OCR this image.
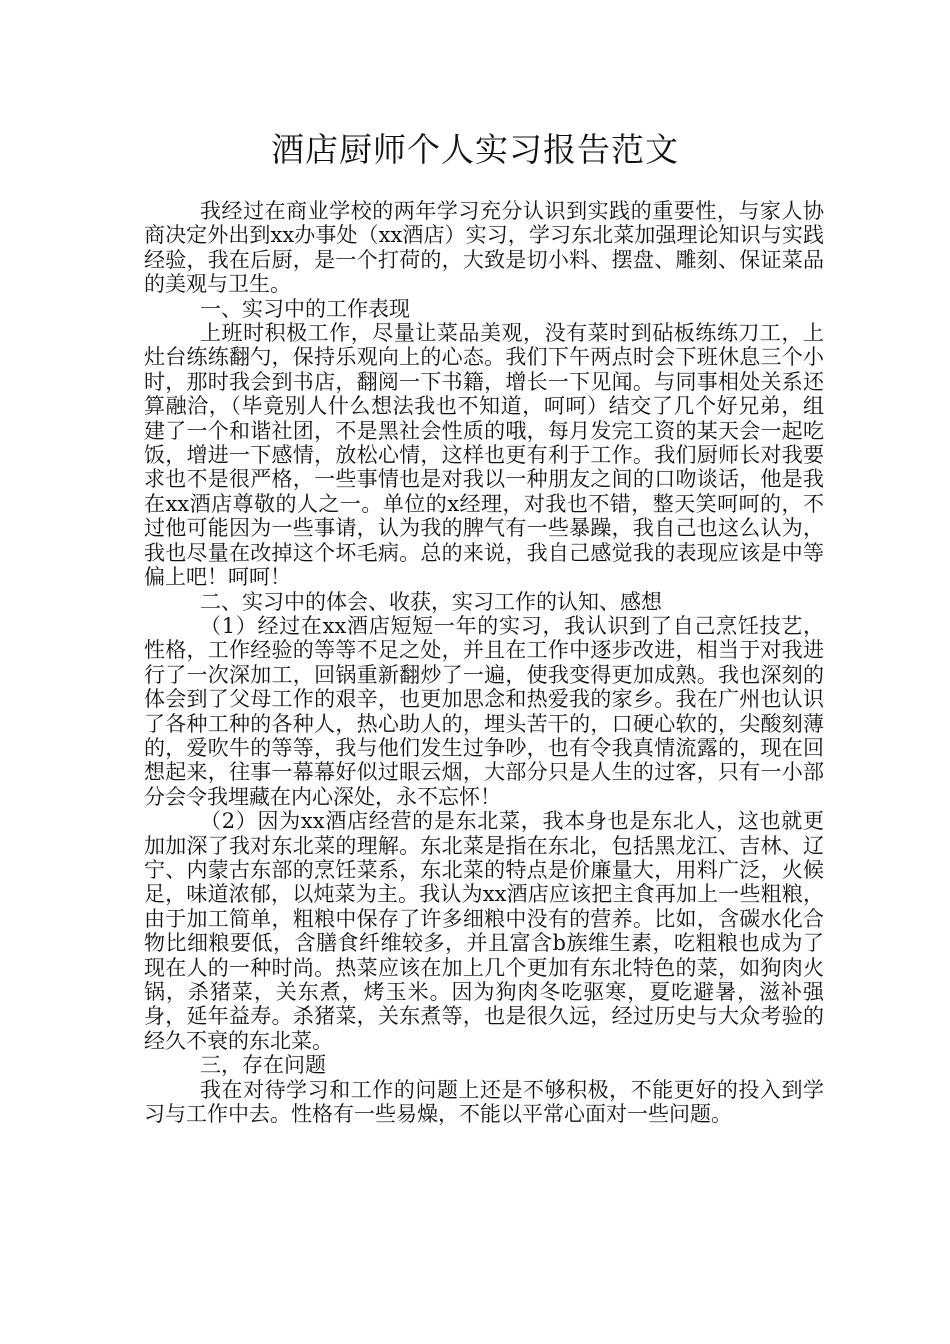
酒店厨师个人实习报告范文

我经过在商业学校的两年学习充分认识到实践的重要性，与家人协商决定外出到xx办事处（xx酒店）实习，学习东北菜加强理论知识与实践经验，我在后厨，是一个打荷的，大致是切小料、摆盘、雕刻、保证菜品的美观与卫生。

一、实习中的工作表现

上班时积极工作，尽量让菜品美观，没有菜时到砧板练练刀工，上灶台练练翻勺，保持乐观向上的心态。我们下午两点时会下班休息三个小时，那时我会到书店，翻阅一下书籍，增长一下见闻。与同事相处关系还算融洽，（毕竟别人什么想法我也不知道，呵呵）结交了几个好兄弟，组建了一个和谐社团，不是黑社会性质的哦，每月发完工资的某天会一起吃饭，增进一下感情，放松心情，这样也更有利于工作。我们厨师长对我要求也不是很严格，一些事情也是对我以一种朋友之间的口吻谈话，他是我在xx酒店尊敬的人之一。单位的x经理，对我也不错，整天笑呵呵的，不过他可能因为一些事请，认为我的脾气有一些暴躁，我自己也这么认为，我也尽量在改掉这个坏毛病。总的来说，我自己感觉我的表现应该是中等偏上吧！呵呵！

二、实习中的体会、收获，实习工作的认知、感想

（1）经过在xx酒店短短一年的实习，我认识到了自己烹饪技艺，性格，工作经验的等等不足之处，并且在工作中逐步改进，相当于对我进行了一次深加工，回锅重新翻炒了一遍，使我变得更加成熟。我也深刻的体会到了父母工作的艰辛，也更加思念和热爱我的家乡。我在广州也认识了各种工种的各种人，热心助人的，埋头苦干的，口硬心软的，尖酸刻薄的，爱吹牛的等等，我与他们发生过争吵，也有令我真情流露的，现在回想起来，往事一幕幕好似过眼云烟，大部分只是人生的过客，只有一小部分会令我埋藏在内心深处，永不忘怀！

（2）因为xx酒店经营的是东北菜，我本身也是东北人，这也就更加加深了我对东北菜的理解。东北菜是指在东北，包括黑龙江、吉林、辽宁、内蒙古东部的烹饪菜系，东北菜的特点是价廉量大，用料广泛，火候足，味道浓郁，以炖菜为主。我认为xx酒店应该把主食再加上一些粗粮，由于加工简单，粗粮中保存了许多细粮中没有的营养。比如，含碳水化合物比细粮要低，含膳食纤维较多，并且富含b族维生素，吃粗粮也成为了现在人的一种时尚。热菜应该在加上几个更加有东北特色的菜，如狗肉火锅，杀猪菜，关东煮，烤玉米。因为狗肉冬吃驱寒，夏吃避暑，滋补强身，延年益寿。杀猪菜，关东煮等，也是很久远，经过历史与大众考验的经久不衰的东北菜。

三，存在问题

我在对待学习和工作的问题上还是不够积极，不能更好的投入到学习与工作中去。性格有一些易燥，不能以平常心面对一些问题。
